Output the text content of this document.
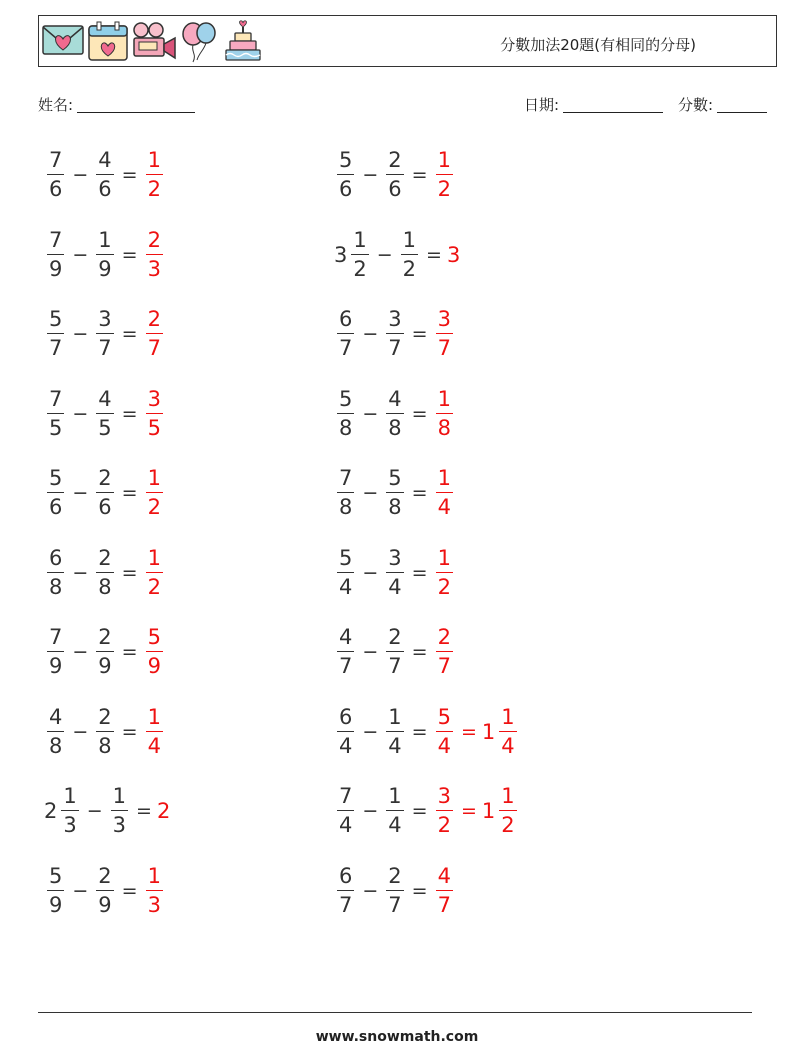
分數加法20題(有相同的分母)
姓名:	日期:	分數:
$\frac{7}{6} - \frac{4}{6} = \frac{1}{2}$	$\frac{5}{6} - \frac{2}{6} = \frac{1}{2}$
$\frac{7}{9} - \frac{1}{9} = \frac{2}{3}$	$3 \frac{1}{2} - \frac{1}{2} = 3$
$\frac{5}{7} - \frac{3}{7} = \frac{2}{7}$	$\frac{6}{7} - \frac{3}{7} = \frac{3}{7}$
$\frac{7}{5} - \frac{4}{5} = \frac{3}{5}$	$\frac{5}{8} - \frac{4}{8} = \frac{1}{8}$
$\frac{5}{6} - \frac{2}{6} = \frac{1}{2}$	$\frac{7}{8} - \frac{5}{8} = \frac{1}{4}$
$\frac{6}{8} - \frac{2}{8} = \frac{1}{2}$	$\frac{5}{4} - \frac{3}{4} = \frac{1}{2}$
$\frac{7}{9} - \frac{2}{9} = \frac{5}{9}$	$\frac{4}{7} - \frac{2}{7} = \frac{2}{7}$
$\frac{4}{8} - \frac{2}{8} = \frac{1}{4}$	$\frac{6}{4} - \frac{1}{4} = \frac{5}{4} = 1 \frac{1}{4}$
$2 \frac{1}{3} - \frac{1}{3} = 2$	$\frac{7}{4} - \frac{1}{4} = \frac{3}{2} = 1 \frac{1}{2}$
$\frac{5}{9} - \frac{2}{9} = \frac{1}{3}$	$\frac{6}{7} - \frac{2}{7} = \frac{4}{7}$
www.snowmath.com
